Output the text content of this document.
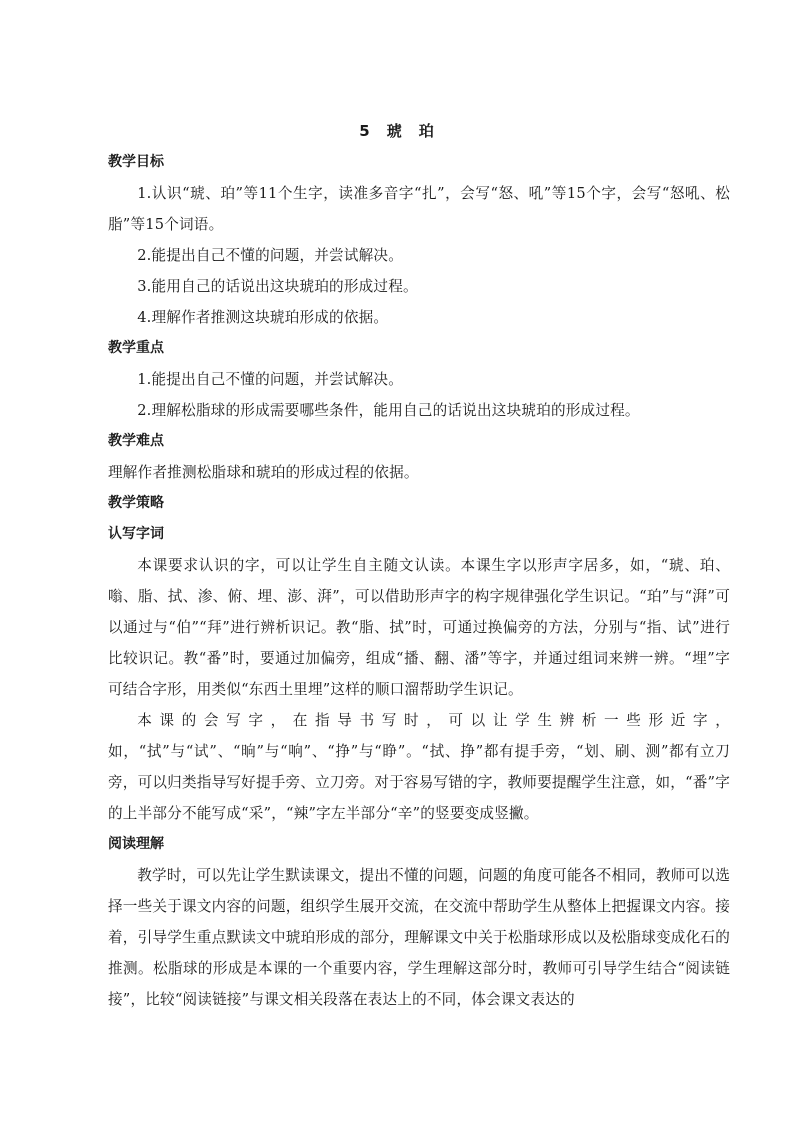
5　琥　珀
教学目标

1.认识“琥、珀”等11个生字，读准多音字“扎”，会写“怒、吼”等15个字，会写“怒吼、松脂”等15个词语。

2.能提出自己不懂的问题，并尝试解决。

3.能用自己的话说出这块琥珀的形成过程。

4.理解作者推测这块琥珀形成的依据。

教学重点

1.能提出自己不懂的问题，并尝试解决。

2.理解松脂球的形成需要哪些条件，能用自己的话说出这块琥珀的形成过程。

教学难点

理解作者推测松脂球和琥珀的形成过程的依据。

教学策略
认写字词

本课要求认识的字，可以让学生自主随文认读。本课生字以形声字居多，如，“琥、珀、嗡、脂、拭、渗、俯、埋、澎、湃”，可以借助形声字的构字规律强化学生识记。“珀”与“湃”可以通过与“伯”“拜”进行辨析识记。教“脂、拭”时，可通过换偏旁的方法，分别与“指、试”进行比较识记。教“番”时，要通过加偏旁，组成“播、翻、潘”等字，并通过组词来辨一辨。“埋”字可结合字形，用类似“东西土里埋”这样的顺口溜帮助学生识记。

本课的会写字，在指导书写时，可以让学生辨析一些形近字，如，“拭”与“试”、“晌”与“响”、“挣”与“睁”。“拭、挣”都有提手旁，“划、刷、测”都有立刀旁，可以归类指导写好提手旁、立刀旁。对于容易写错的字，教师要提醒学生注意，如，“番”字的上半部分不能写成“采”，“辣”字左半部分“辛”的竖要变成竖撇。

阅读理解

教学时，可以先让学生默读课文，提出不懂的问题，问题的角度可能各不相同，教师可以选择一些关于课文内容的问题，组织学生展开交流，在交流中帮助学生从整体上把握课文内容。接着，引导学生重点默读文中琥珀形成的部分，理解课文中关于松脂球形成以及松脂球变成化石的推测。松脂球的形成是本课的一个重要内容，学生理解这部分时，教师可引导学生结合“阅读链接”，比较“阅读链接”与课文相关段落在表达上的不同，体会课文表达的
